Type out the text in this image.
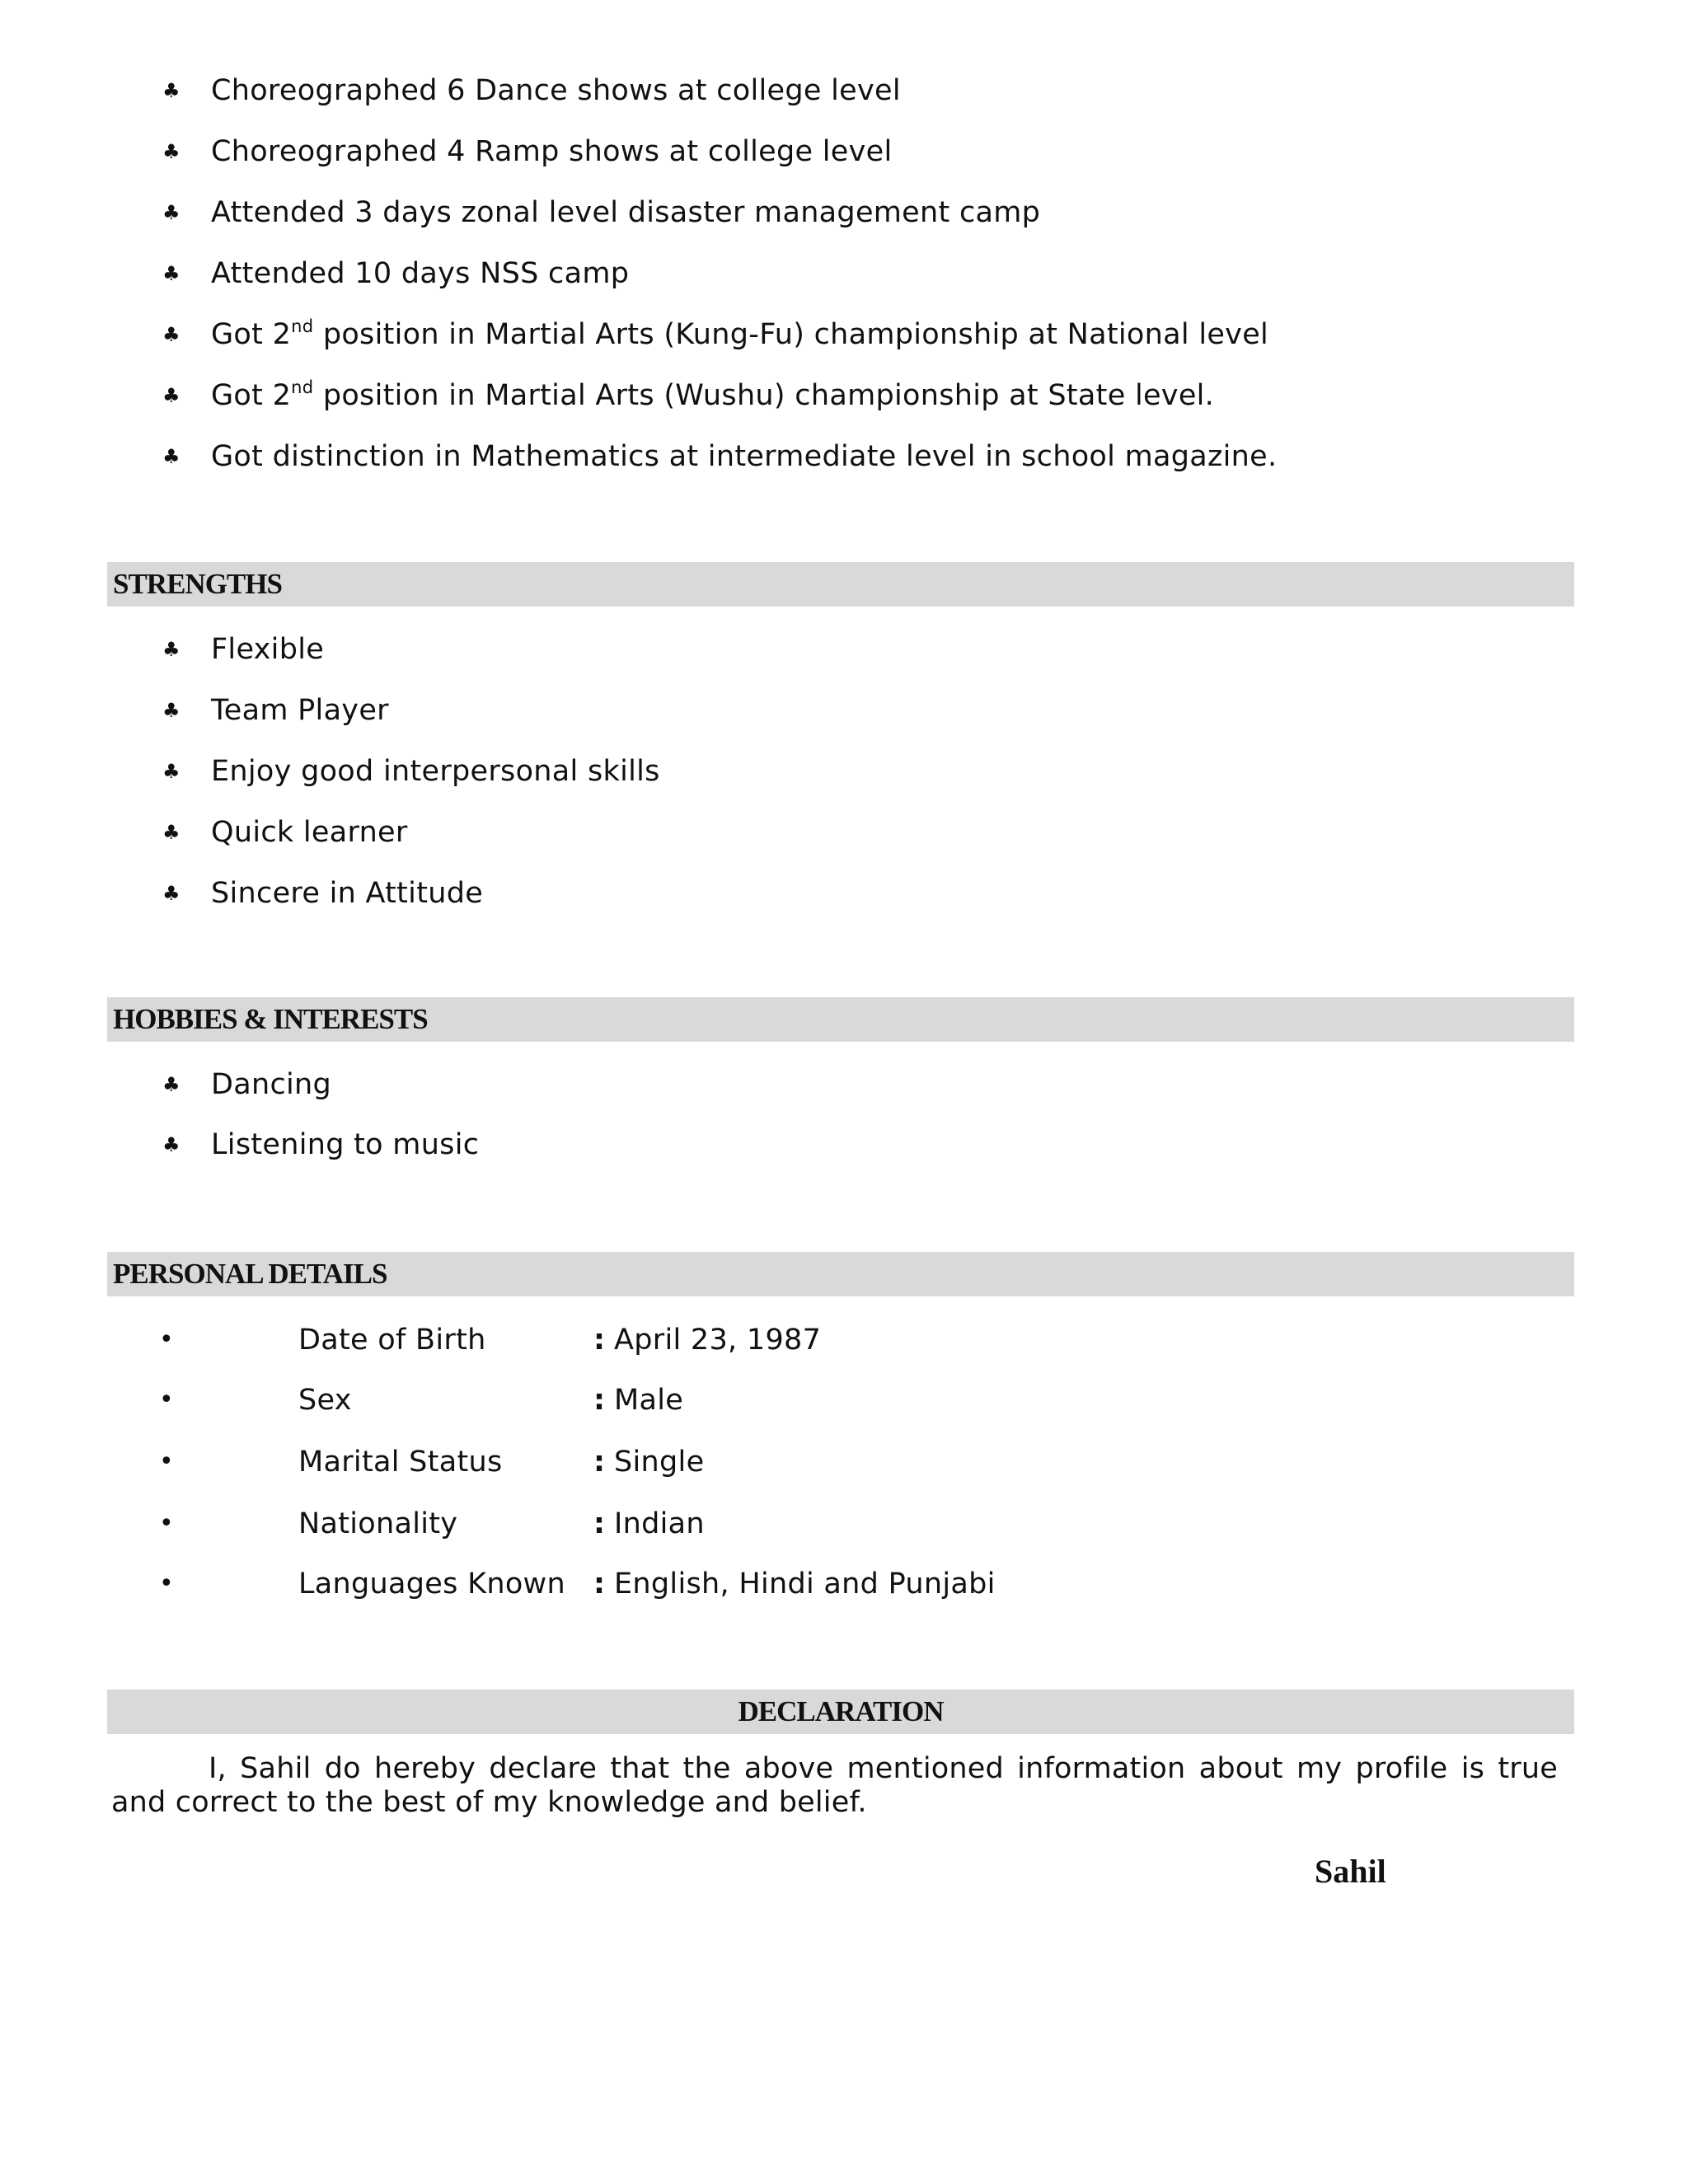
♣ Choreographed 6 Dance shows at college level
♣ Choreographed 4 Ramp shows at college level
♣ Attended 3 days zonal level disaster management camp
♣ Attended 10 days NSS camp
♣ Got 2nd position in Martial Arts (Kung-Fu) championship at National level
♣ Got 2nd position in Martial Arts (Wushu) championship at State level.
♣ Got distinction in Mathematics at intermediate level in school magazine.
STRENGTHS
♣ Flexible
♣ Team Player
♣ Enjoy good interpersonal skills
♣ Quick learner
♣ Sincere in Attitude
HOBBIES & INTERESTS
♣ Dancing
♣ Listening to music
PERSONAL DETAILS
•	Date of Birth	: April 23, 1987
•	Sex	: Male
•	Marital Status	: Single
•	Nationality	: Indian
•	Languages Known : English, Hindi and Punjabi
DECLARATION
I, Sahil do hereby declare that the above mentioned information about my profile is true and correct to the best of my knowledge and belief.
Sahil
